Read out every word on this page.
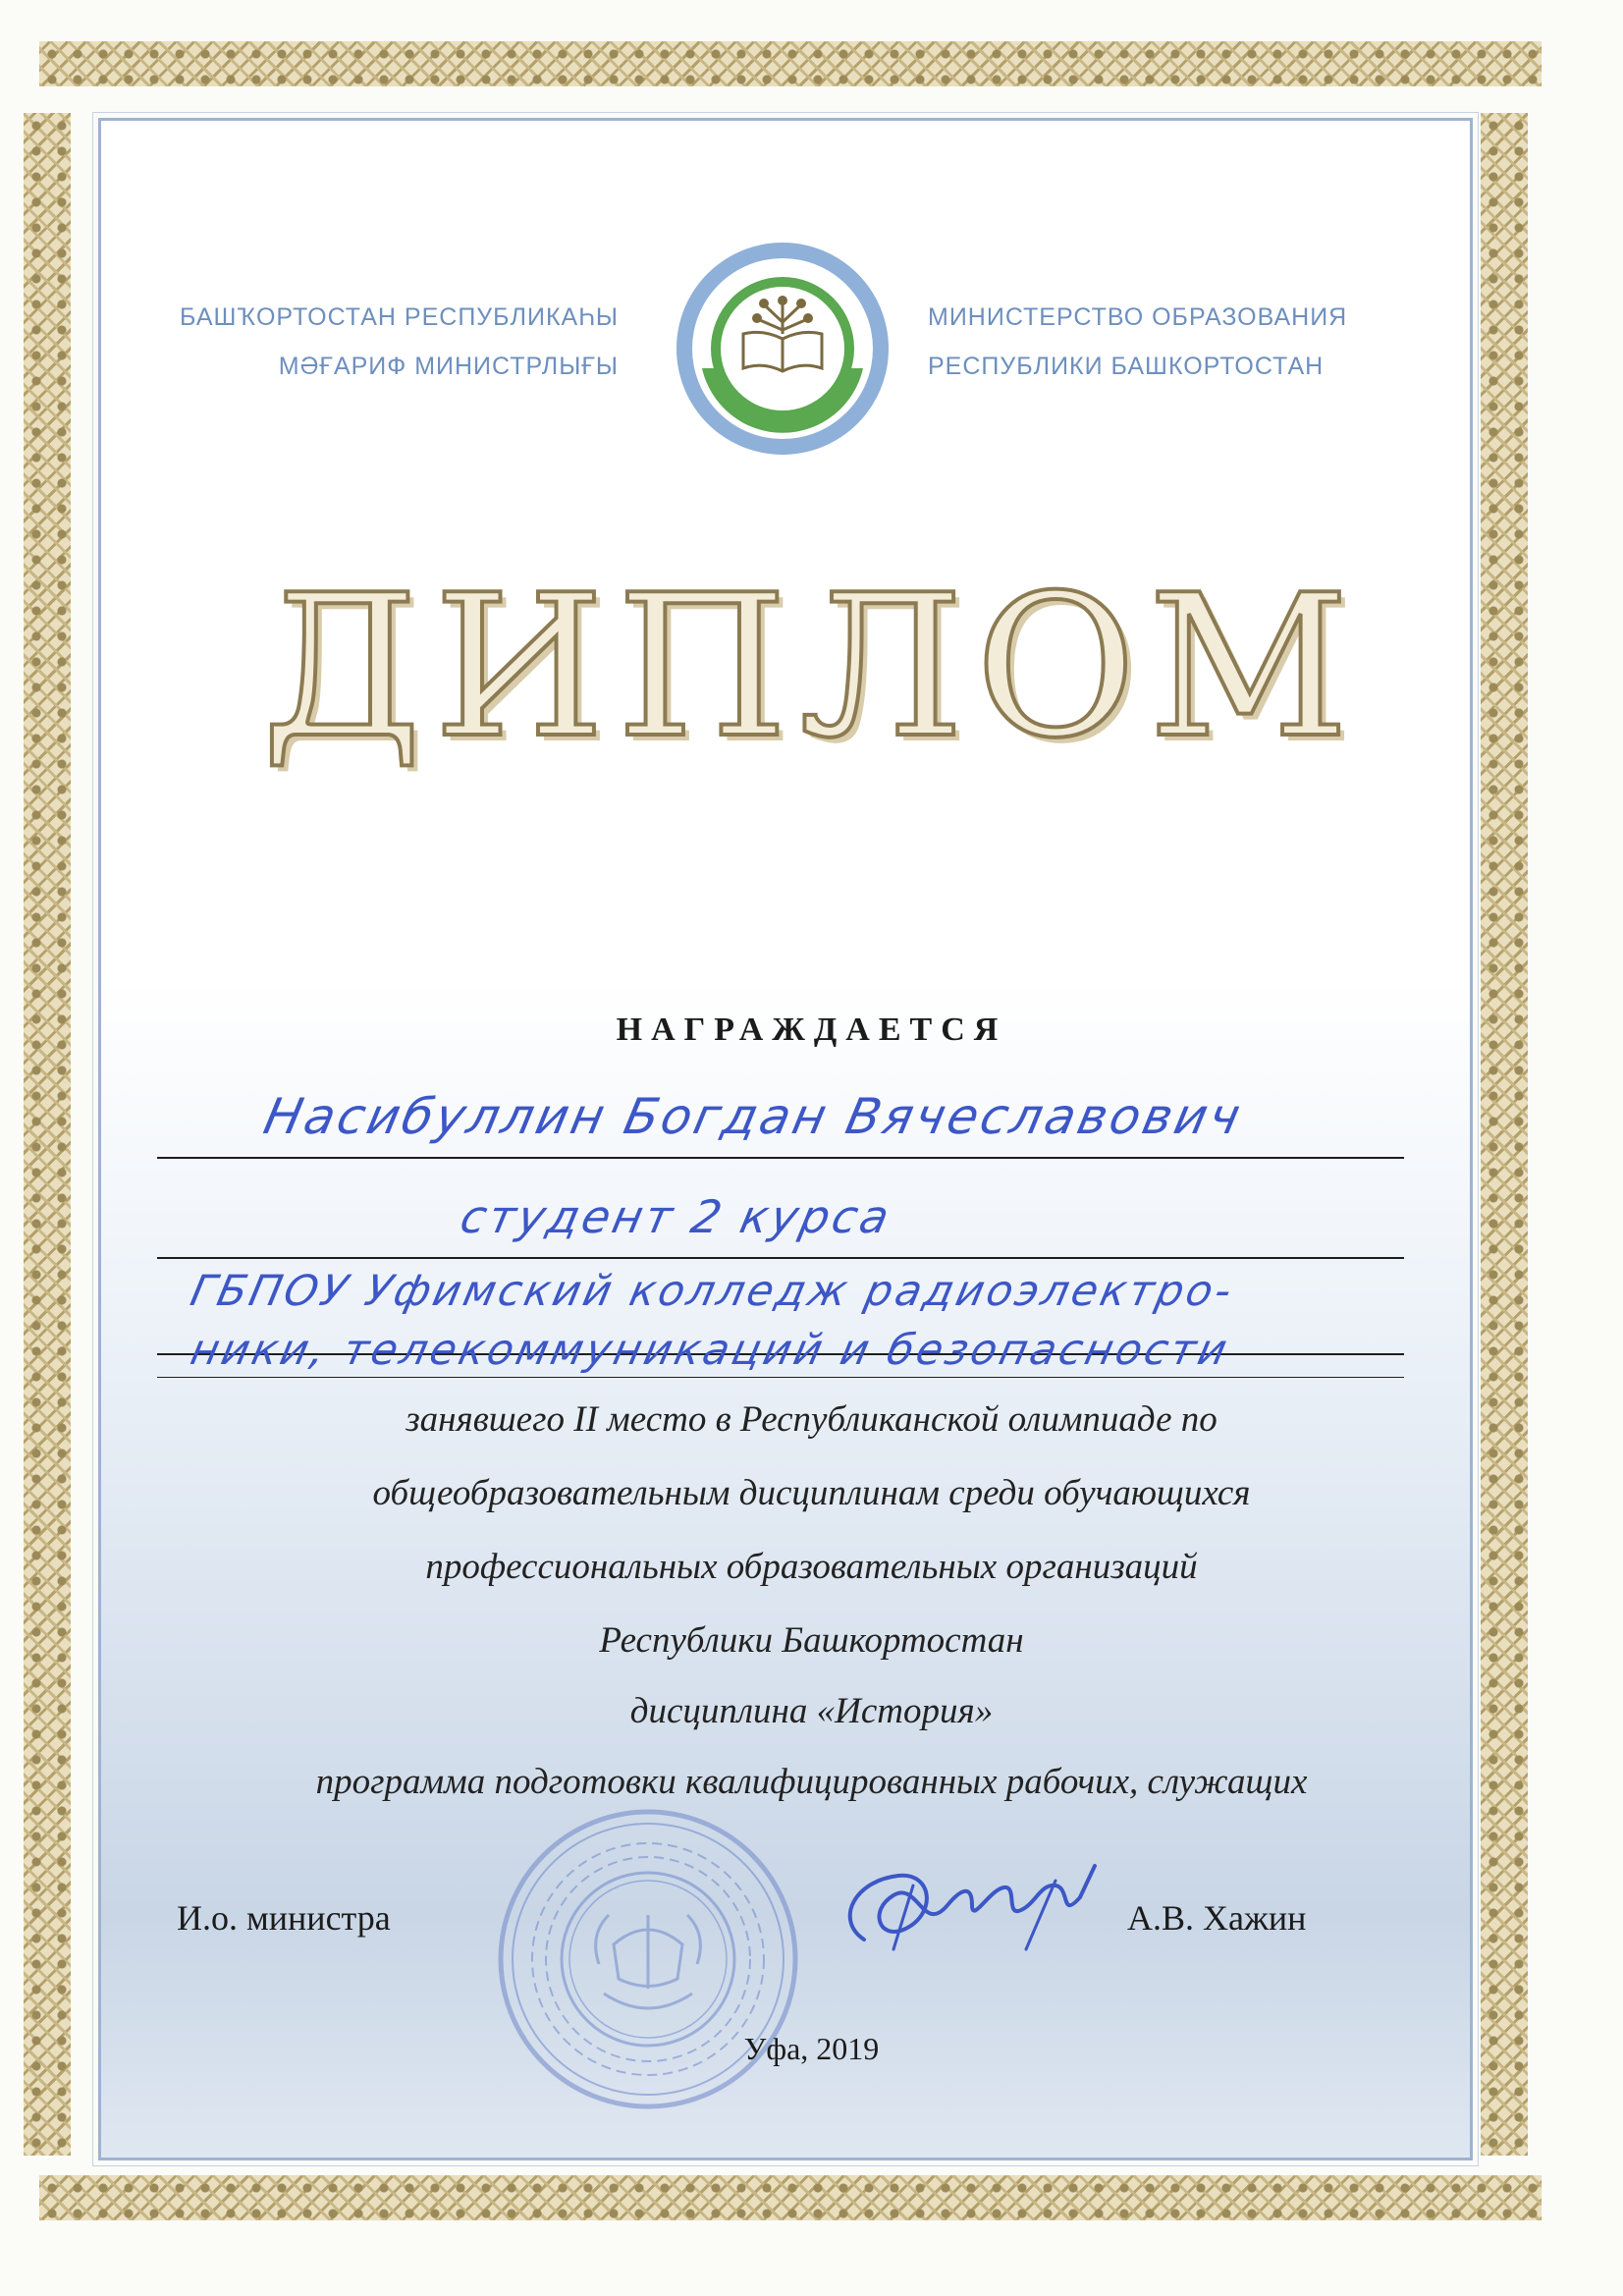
БАШҠОРТОСТАН РЕСПУБЛИКАҺЫ
МӘҒАРИФ МИНИСТРЛЫҒЫ
МИНИСТЕРСТВО ОБРАЗОВАНИЯ
РЕСПУБЛИКИ БАШКОРТОСТАН
ДИПЛОМ
НАГРАЖДАЕТСЯ
Насибуллин Богдан Вячеславович
студент 2 курса
ГБПОУ Уфимский колледж радиоэлектро-
ники, телекоммуникаций и безопасности
занявшего II место в Республиканской олимпиаде по
общеобразовательным дисциплинам среди обучающихся
профессиональных образовательных организаций
Республики Башкортостан
дисциплина «История»
программа подготовки квалифицированных рабочих, служащих
И.о. министра	А.В. Хажин
Уфа, 2019
